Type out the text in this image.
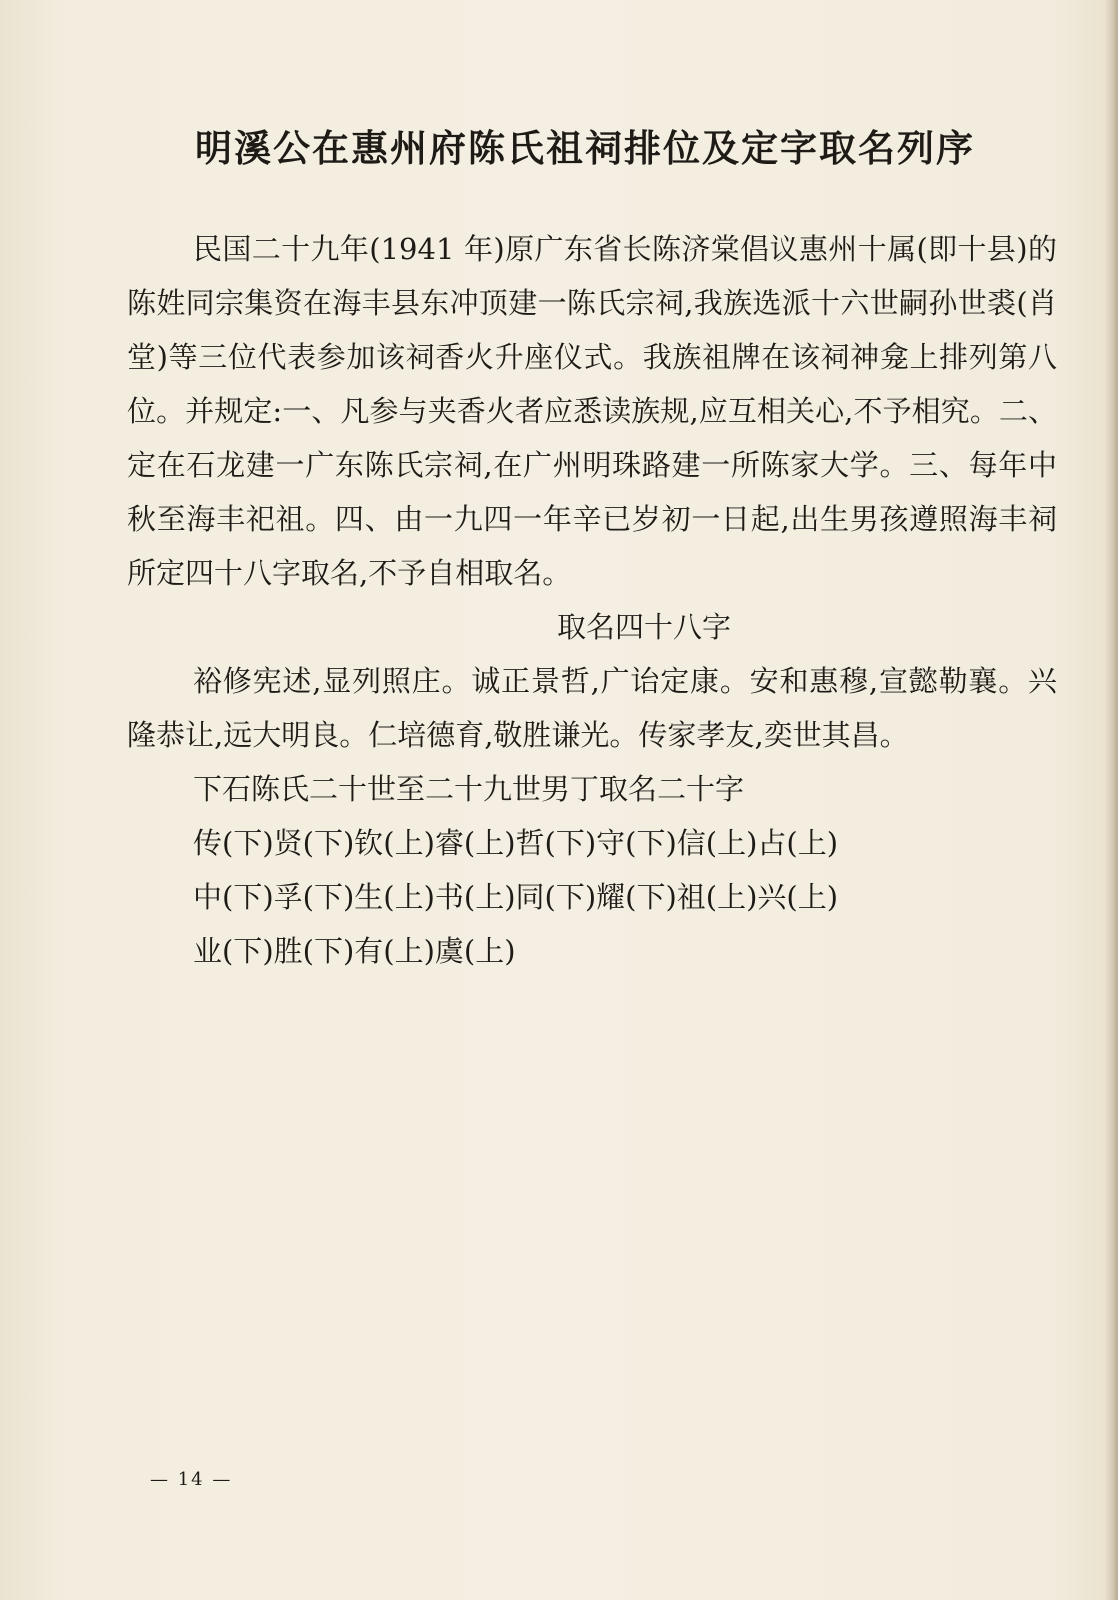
明溪公在惠州府陈氏祖祠排位及定字取名列序

民国二十九年(1941 年)原广东省长陈济棠倡议惠州十属(即十县)的陈姓同宗集资在海丰县东冲顶建一陈氏宗祠,我族选派十六世嗣孙世裘(肖堂)等三位代表参加该祠香火升座仪式。我族祖牌在该祠神龛上排列第八位。并规定:一、凡参与夹香火者应悉读族规,应互相关心,不予相究。二、定在石龙建一广东陈氏宗祠,在广州明珠路建一所陈家大学。三、每年中秋至海丰祀祖。四、由一九四一年辛已岁初一日起,出生男孩遵照海丰祠所定四十八字取名,不予自相取名。

取名四十八字

裕修宪述,显列照庄。诚正景哲,广诒定康。安和惠穆,宣懿勒襄。兴隆恭让,远大明良。仁培德育,敬胜谦光。传家孝友,奕世其昌。

下石陈氏二十世至二十九世男丁取名二十字

传(下)贤(下)钦(上)睿(上)哲(下)守(下)信(上)占(上)

中(下)孚(下)生(上)书(上)同(下)耀(下)祖(上)兴(上)

业(下)胜(下)有(上)虞(上)

— 14 —
